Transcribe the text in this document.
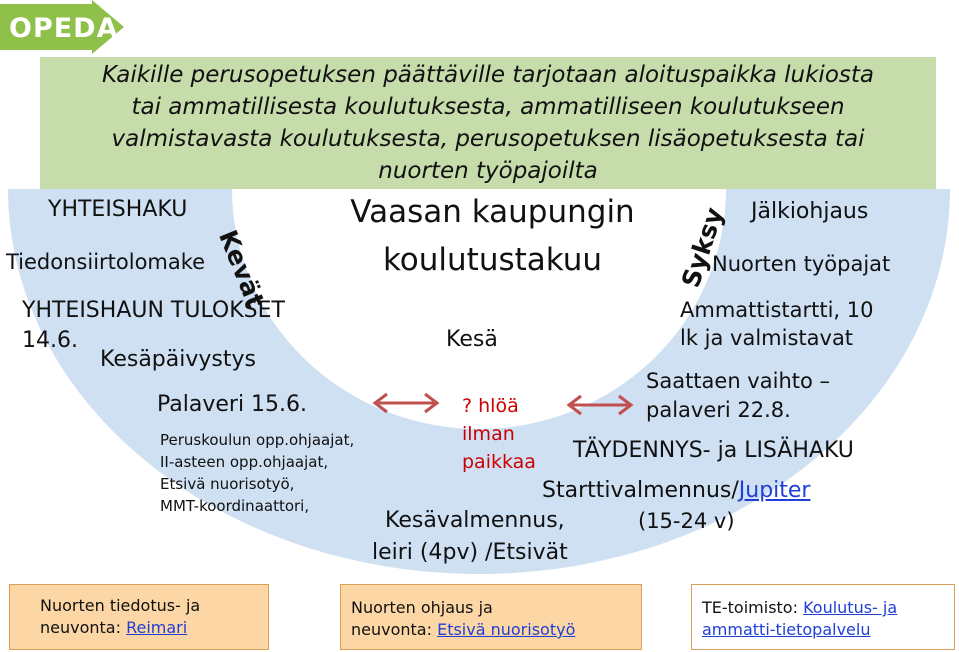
OPEDA
Kaikille perusopetuksen päättäville tarjotaan aloituspaikka lukiosta
tai ammatillisesta koulutuksesta, ammatilliseen koulutukseen
valmistavasta koulutuksesta, perusopetuksen lisäopetuksesta tai
nuorten työpajoilta
YHTEISHAKU
Tiedonsiirtolomake Kevät
YHTEISHAUN TULOKSET
14.6.
Kesäpäivystys
Palaveri 15.6.
Peruskoulun opp.ohjaajat,
II-asteen opp.ohjaajat,
Etsivä nuorisotyö,
MMT-koordinaattori,
Vaasan kaupungin
koulutustakuu
Kesä
? hlöä
ilman
paikkaa
Kesävalmennus,
leiri (4pv) /Etsivät
Syksy Jälkiohjaus
Nuorten työpajat
Ammattistartti, 10
lk ja valmistavat
Saattaen vaihto –
palaveri 22.8.
TÄYDENNYS- ja LISÄHAKU
Starttivalmennus/Jupiter
(15-24 v)
Nuorten tiedotus- ja
neuvonta: Reimari
Nuorten ohjaus ja
neuvonta: Etsivä nuorisotyö
TE-toimisto: Koulutus- ja
ammatti-tietopalvelu
